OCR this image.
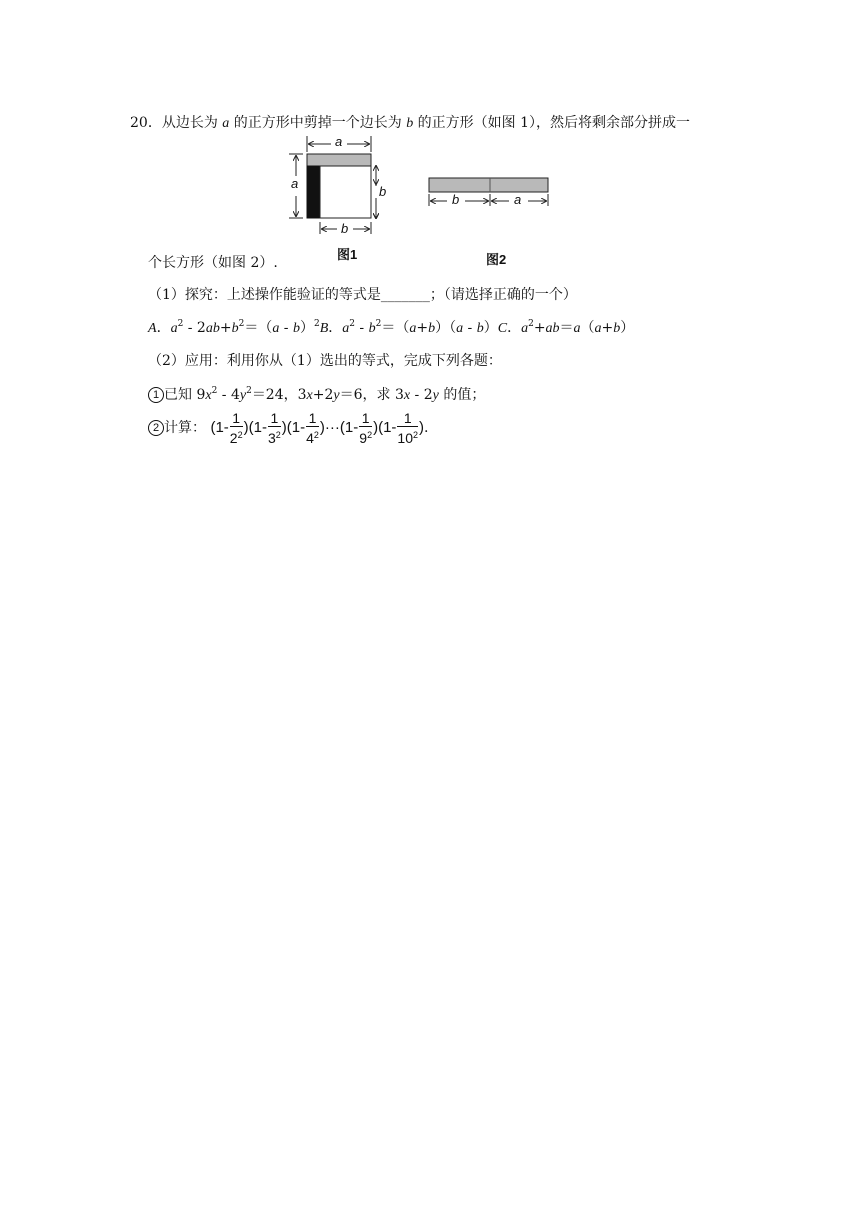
20．从边长为 a 的正方形中剪掉一个边长为 b 的正方形（如图 1），然后将剩余部分拼成一
a
a
b
b
图1
b	a
图2
个长方形（如图 2）.
（1）探究：上述操作能验证的等式是_______；（请选择正确的一个）
A．$a^2 - 2ab+b^2=(a - b)^2B$．$a^2 - b^2=(a+b)(a - b)C$．$a^2+ab=a(a+b)$
（2）应用：利用你从（1）选出的等式，完成下列各题：
1 已知 $9x^2 - 4y^2=24$，3x+2y＝6，求 3x - 2y 的值；
2 计算： $(1- \frac{1}{2^2} )(1- \frac{1}{3^2} )(1- \frac{1}{4^2} )\cdot\cdot\cdot(1- \frac{1}{9^2} )(1- \frac{1}{10^2}$ ).
